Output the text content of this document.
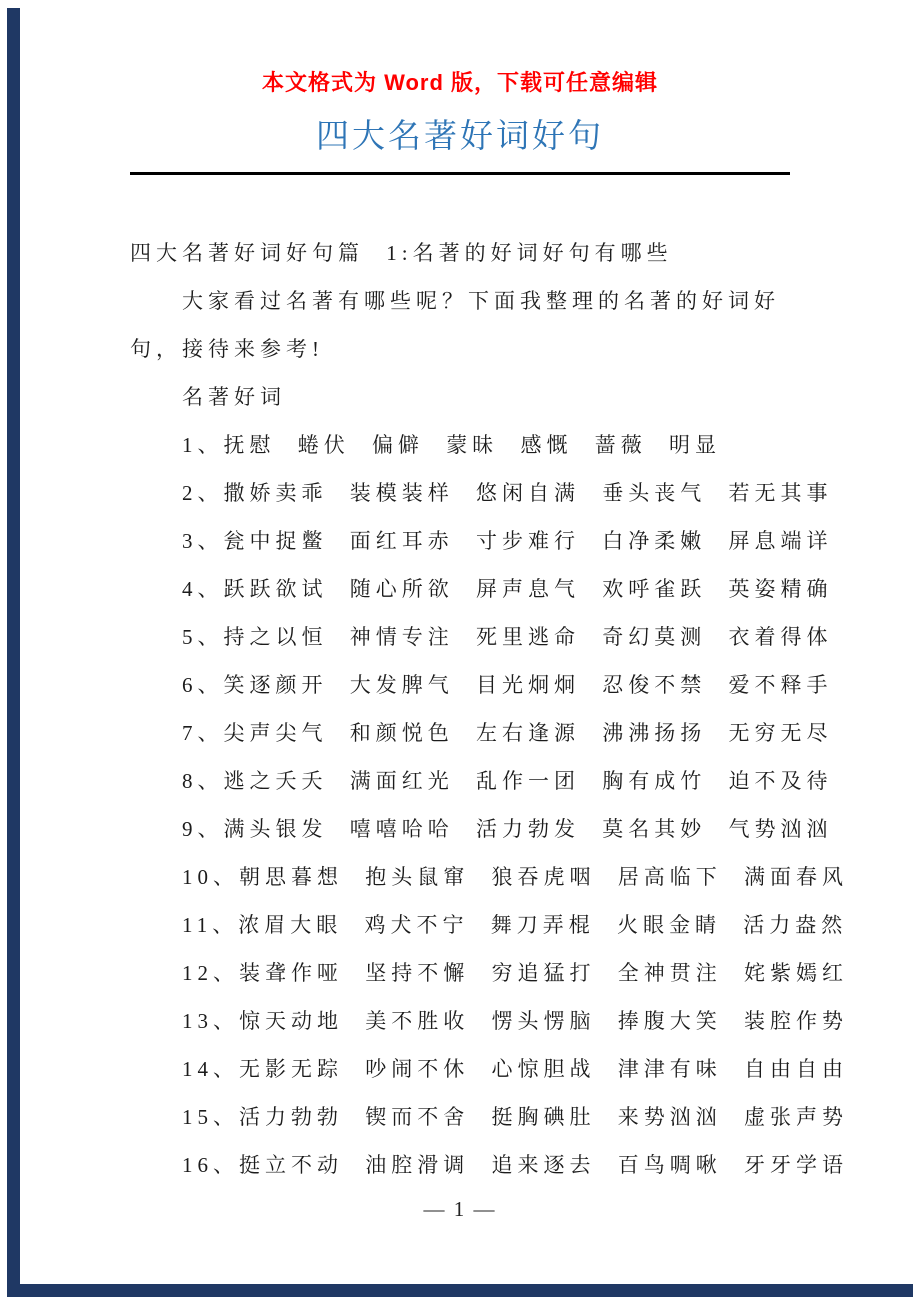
本文格式为 Word 版，下载可任意编辑

四大名著好词好句

四大名著好词好句篇 1:名著的好词好句有哪些

大家看过名著有哪些呢？下面我整理的名著的好词好

句，接待来参考!

名著好词

1、抚慰 蜷伏 偏僻 蒙昧 感慨 蔷薇 明显

2、撒娇卖乖 装模装样 悠闲自满 垂头丧气 若无其事

3、瓮中捉鳖 面红耳赤 寸步难行 白净柔嫩 屏息端详

4、跃跃欲试 随心所欲 屏声息气 欢呼雀跃 英姿精确

5、持之以恒 神情专注 死里逃命 奇幻莫测 衣着得体

6、笑逐颜开 大发脾气 目光炯炯 忍俊不禁 爱不释手

7、尖声尖气 和颜悦色 左右逢源 沸沸扬扬 无穷无尽

8、逃之夭夭 满面红光 乱作一团 胸有成竹 迫不及待

9、满头银发 嘻嘻哈哈 活力勃发 莫名其妙 气势汹汹

10、朝思暮想 抱头鼠窜 狼吞虎咽 居高临下 满面春风

11、浓眉大眼 鸡犬不宁 舞刀弄棍 火眼金睛 活力盎然

12、装聋作哑 坚持不懈 穷追猛打 全神贯注 姹紫嫣红

13、惊天动地 美不胜收 愣头愣脑 捧腹大笑 装腔作势

14、无影无踪 吵闹不休 心惊胆战 津津有味 自由自由

15、活力勃勃 锲而不舍 挺胸碘肚 来势汹汹 虚张声势

16、挺立不动 油腔滑调 追来逐去 百鸟啁啾 牙牙学语

— 1 —
